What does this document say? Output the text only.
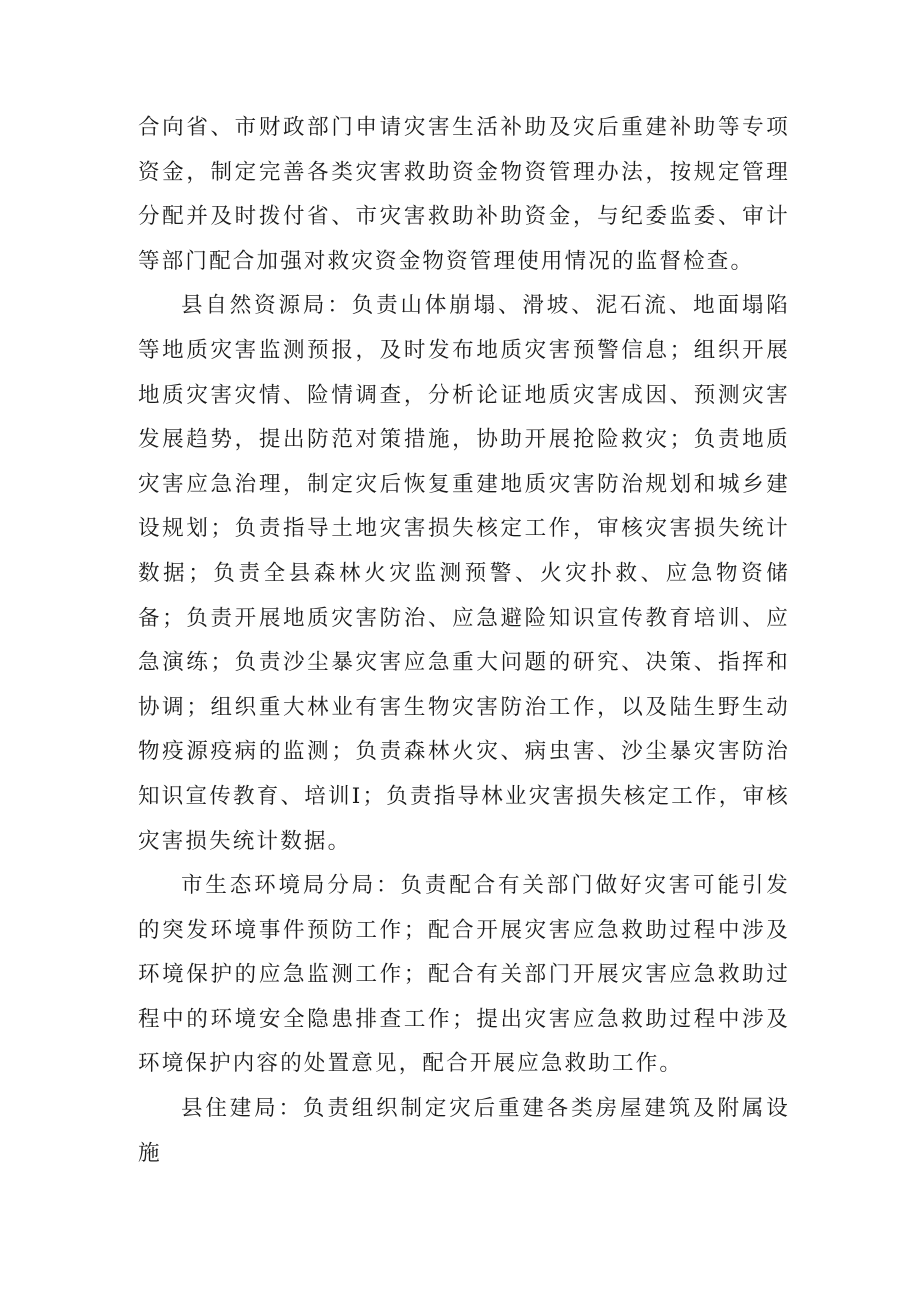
合向省、市财政部门申请灾害生活补助及灾后重建补助等专项资金，制定完善各类灾害救助资金物资管理办法，按规定管理分配并及时拨付省、市灾害救助补助资金，与纪委监委、审计等部门配合加强对救灾资金物资管理使用情况的监督检查。

县自然资源局：负责山体崩塌、滑坡、泥石流、地面塌陷等地质灾害监测预报，及时发布地质灾害预警信息；组织开展地质灾害灾情、险情调查，分析论证地质灾害成因、预测灾害发展趋势，提出防范对策措施，协助开展抢险救灾；负责地质灾害应急治理，制定灾后恢复重建地质灾害防治规划和城乡建设规划；负责指导土地灾害损失核定工作，审核灾害损失统计数据；负责全县森林火灾监测预警、火灾扑救、应急物资储备；负责开展地质灾害防治、应急避险知识宣传教育培训、应急演练；负责沙尘暴灾害应急重大问题的研究、决策、指挥和协调；组织重大林业有害生物灾害防治工作，以及陆生野生动物疫源疫病的监测；负责森林火灾、病虫害、沙尘暴灾害防治知识宣传教育、培训I；负责指导林业灾害损失核定工作，审核灾害损失统计数据。

市生态环境局分局：负责配合有关部门做好灾害可能引发的突发环境事件预防工作；配合开展灾害应急救助过程中涉及环境保护的应急监测工作；配合有关部门开展灾害应急救助过程中的环境安全隐患排查工作；提出灾害应急救助过程中涉及环境保护内容的处置意见，配合开展应急救助工作。

县住建局：负责组织制定灾后重建各类房屋建筑及附属设施
